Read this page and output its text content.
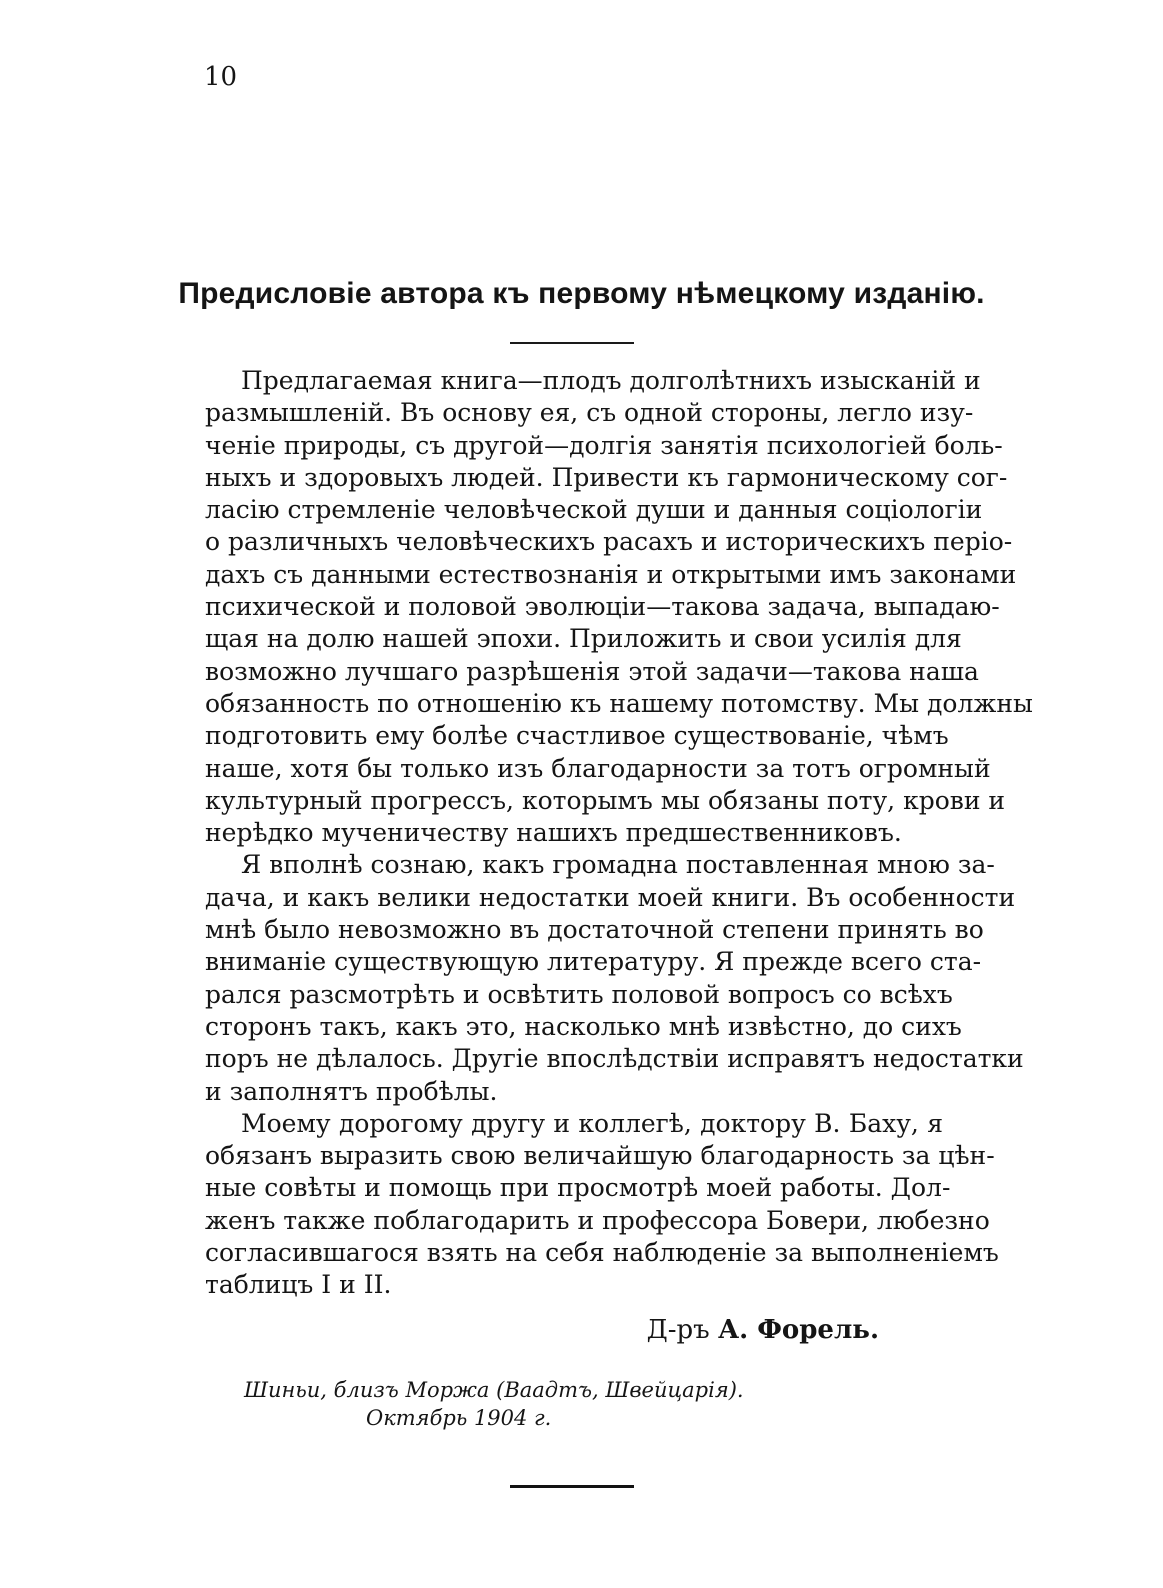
10
Предисловіе автора къ первому нѣмецкому изданію.
Предлагаемая книга—плодъ долголѣтнихъ изысканій и
размышленій. Въ основу ея, съ одной стороны, легло изу-
ченіе природы, съ другой—долгія занятія психологіей боль-
ныхъ и здоровыхъ людей. Привести къ гармоническому сог-
ласію стремленіе человѣческой души и данныя соціологіи
о различныхъ человѣческихъ расахъ и историческихъ періо-
дахъ съ данными естествознанія и открытыми имъ законами
психической и половой эволюціи—такова задача, выпадаю-
щая на долю нашей эпохи. Приложить и свои усилія для
возможно лучшаго разрѣшенія этой задачи—такова наша
обязанность по отношенію къ нашему потомству. Мы должны
подготовить ему болѣе счастливое существованіе, чѣмъ
наше, хотя бы только изъ благодарности за тотъ огромный
культурный прогрессъ, которымъ мы обязаны поту, крови и
нерѣдко мученичеству нашихъ предшественниковъ.
Я вполнѣ сознаю, какъ громадна поставленная мною за-
дача, и какъ велики недостатки моей книги. Въ особенности
мнѣ было невозможно въ достаточной степени принять во
вниманіе существующую литературу. Я прежде всего ста-
рался разсмотрѣть и освѣтить половой вопросъ со всѣхъ
сторонъ такъ, какъ это, насколько мнѣ извѣстно, до сихъ
поръ не дѣлалось. Другіе впослѣдствіи исправятъ недостатки
и заполнятъ пробѣлы.
Моему дорогому другу и коллегѣ, доктору В. Баху, я
обязанъ выразить свою величайшую благодарность за цѣн-
ные совѣты и помощь при просмотрѣ моей работы. Дол-
женъ также поблагодарить и профессора Бовери, любезно
согласившагося взять на себя наблюденіе за выполненіемъ
таблицъ I и II.
Д-ръ А. Форель.
Шиньи, близъ Моржа (Ваадтъ, Швейцарія).
Октябрь 1904 г.
